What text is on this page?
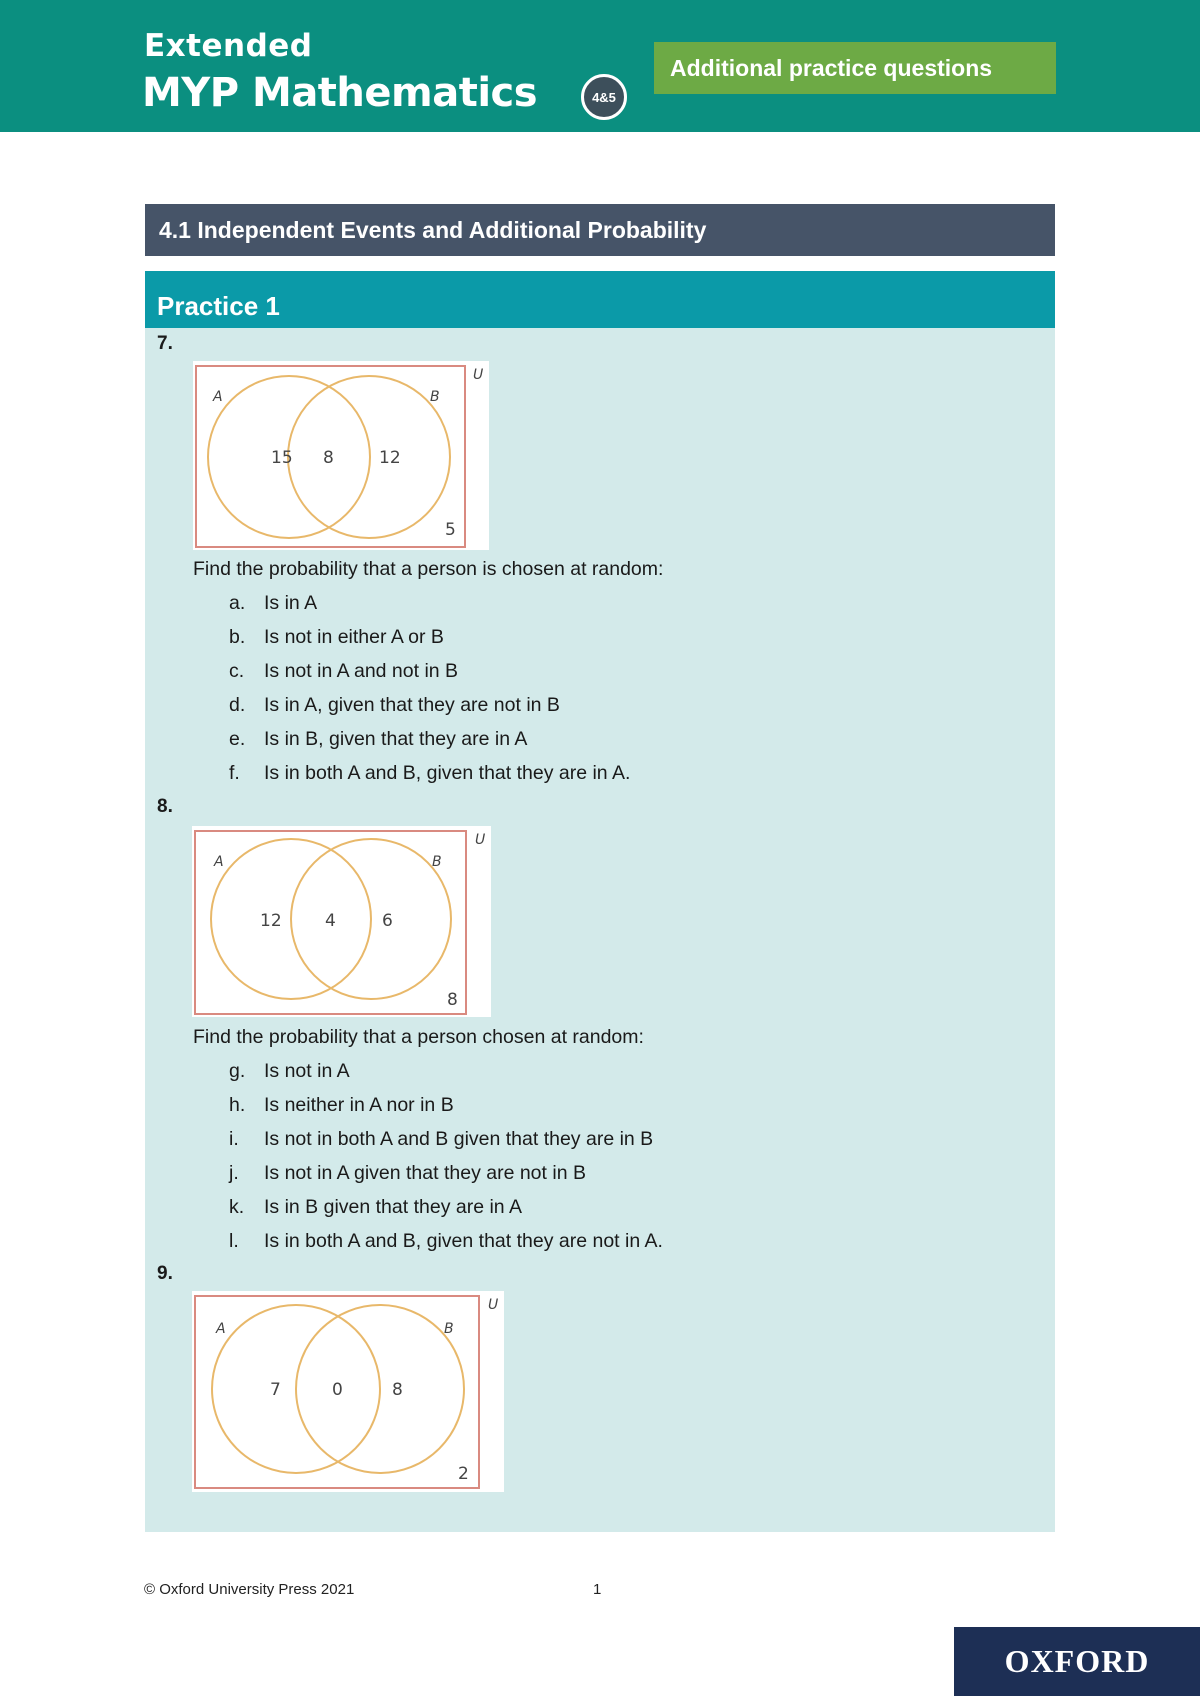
Extended
MYP Mathematics	4&5
Additional practice questions
4.1 Independent Events and Additional Probability
Practice 1
7.
A	B
U
15 8	12
5
Find the probability that a person is chosen at random:
a. Is in A
b. Is not in either A or B
c.	Is not in A and not in B
d. Is in A, given that they are not in B
e. Is in B, given that they are in A
f.	Is in both A and B, given that they are in A.
8.
A	B
U
12	4	6
8
Find the probability that a person chosen at random:
g. Is not in A
h. Is neither in A nor in B
i.	Is not in both A and B given that they are in B
j.	Is not in A given that they are not in B
k.	Is in B given that they are in A
l.	Is in both A and B, given that they are not in A.
9.
A	B
U
7	0	8
2
© Oxford University Press 2021	1
OXFORD
